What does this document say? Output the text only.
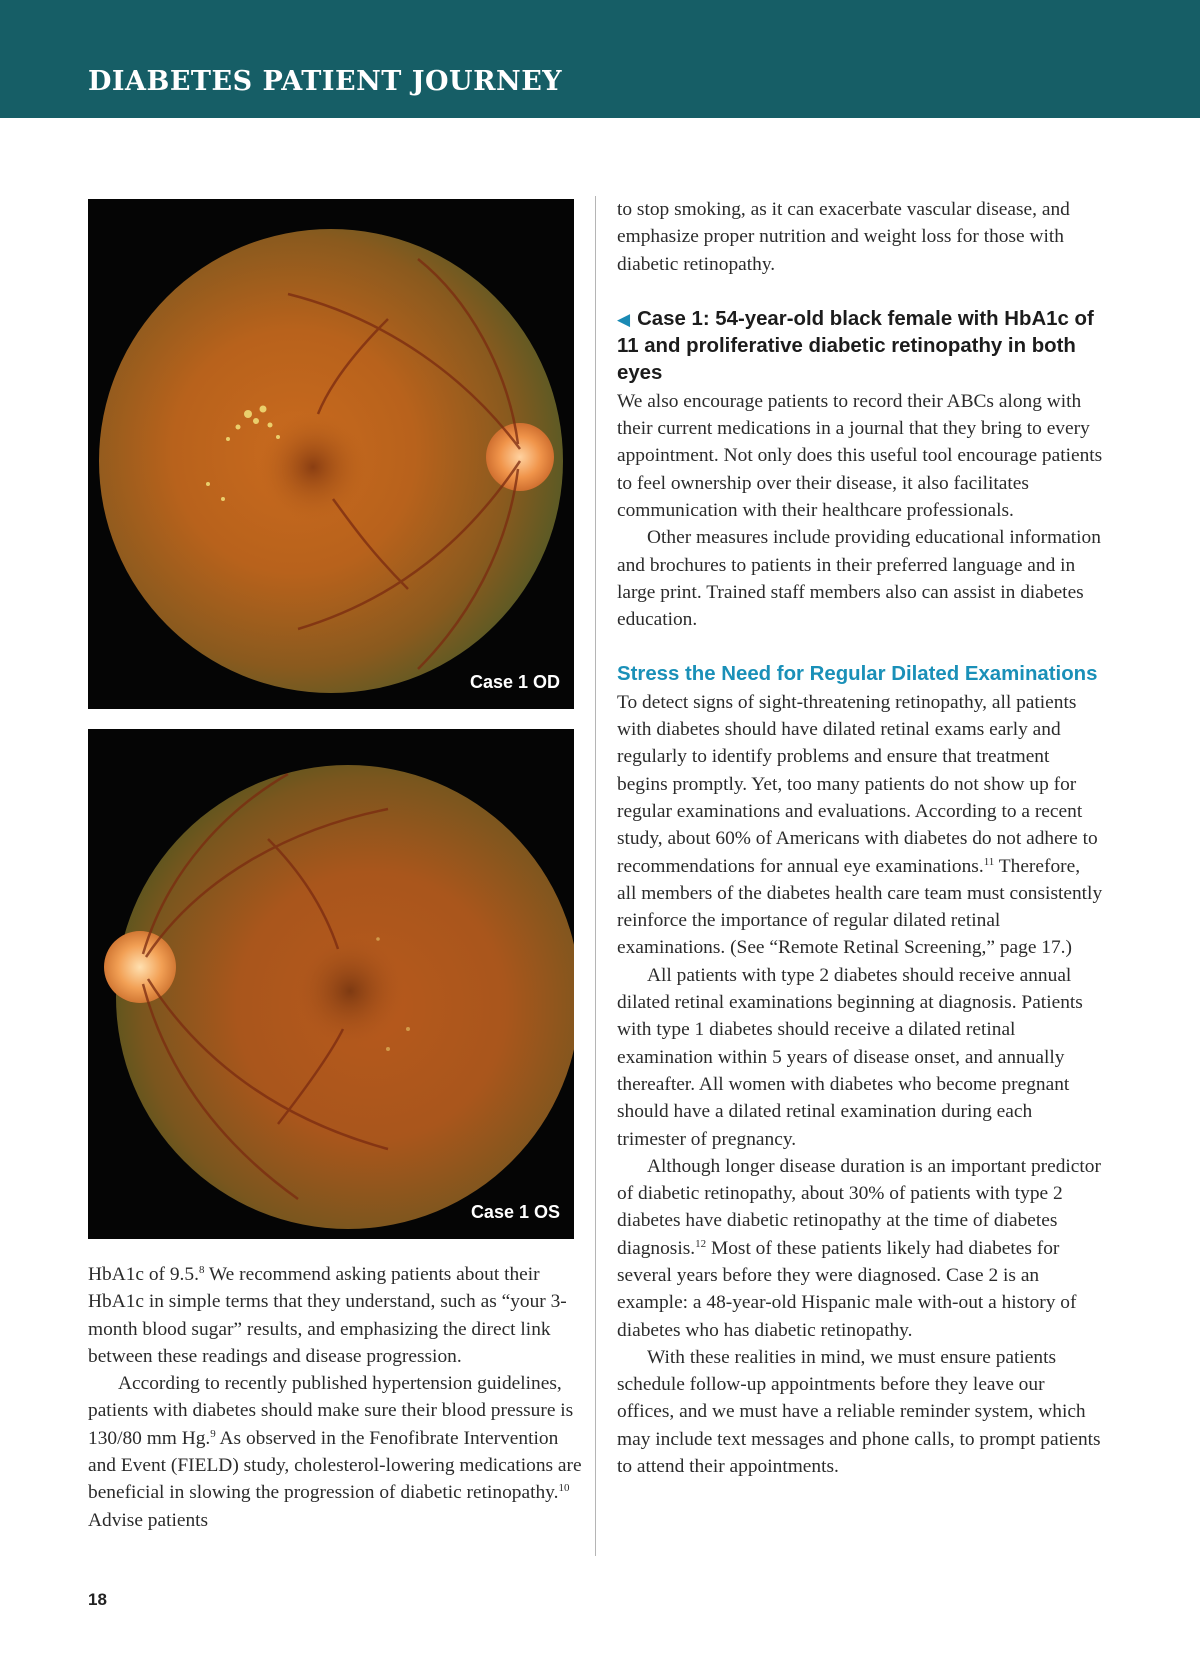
DIABETES PATIENT JOURNEY
Case 1 OD
Case 1 OS

HbA1c of 9.5.$^8$ We recommend asking patients about their HbA1c in simple terms that they understand, such as “your 3-month blood sugar” results, and emphasizing the direct link between these readings and disease progression.

According to recently published hypertension guidelines, patients with diabetes should make sure their blood pressure is 130/80 mm Hg.$^9$ As observed in the Fenofibrate Intervention and Event (FIELD) study, cholesterol-lowering medications are beneficial in slowing the progression of diabetic retinopathy.$^{10}$ Advise patients

to stop smoking, as it can exacerbate vascular disease, and emphasize proper nutrition and weight loss for those with diabetic retinopathy.

◀ Case 1: 54-year-old black female with HbA1c of 11 and proliferative diabetic retinopathy in both eyes

We also encourage patients to record their ABCs along with their current medications in a journal that they bring to every appointment. Not only does this useful tool encourage patients to feel ownership over their disease, it also facilitates communication with their healthcare professionals.

Other measures include providing educational information and brochures to patients in their preferred language and in large print. Trained staff members also can assist in diabetes education.

Stress the Need for Regular Dilated Examinations

To detect signs of sight-threatening retinopathy, all patients with diabetes should have dilated retinal exams early and regularly to identify problems and ensure that treatment begins promptly. Yet, too many patients do not show up for regular examinations and evaluations. According to a recent study, about 60% of Americans with diabetes do not adhere to recommendations for annual eye examinations.$^{11}$ Therefore, all members of the diabetes health care team must consistently reinforce the importance of regular dilated retinal examinations. (See “Remote Retinal Screening,” page 17.)

All patients with type 2 diabetes should receive annual dilated retinal examinations beginning at diagnosis. Patients with type 1 diabetes should receive a dilated retinal examination within 5 years of disease onset, and annually thereafter. All women with diabetes who become pregnant should have a dilated retinal examination during each trimester of pregnancy.

Although longer disease duration is an important predictor of diabetic retinopathy, about 30% of patients with type 2 diabetes have diabetic retinopathy at the time of diabetes diagnosis.$^{12}$ Most of these patients likely had diabetes for several years before they were diagnosed. Case 2 is an example: a 48-year-old Hispanic male with-out a history of diabetes who has diabetic retinopathy.

With these realities in mind, we must ensure patients schedule follow-up appointments before they leave our offices, and we must have a reliable reminder system, which may include text messages and phone calls, to prompt patients to attend their appointments.

18
